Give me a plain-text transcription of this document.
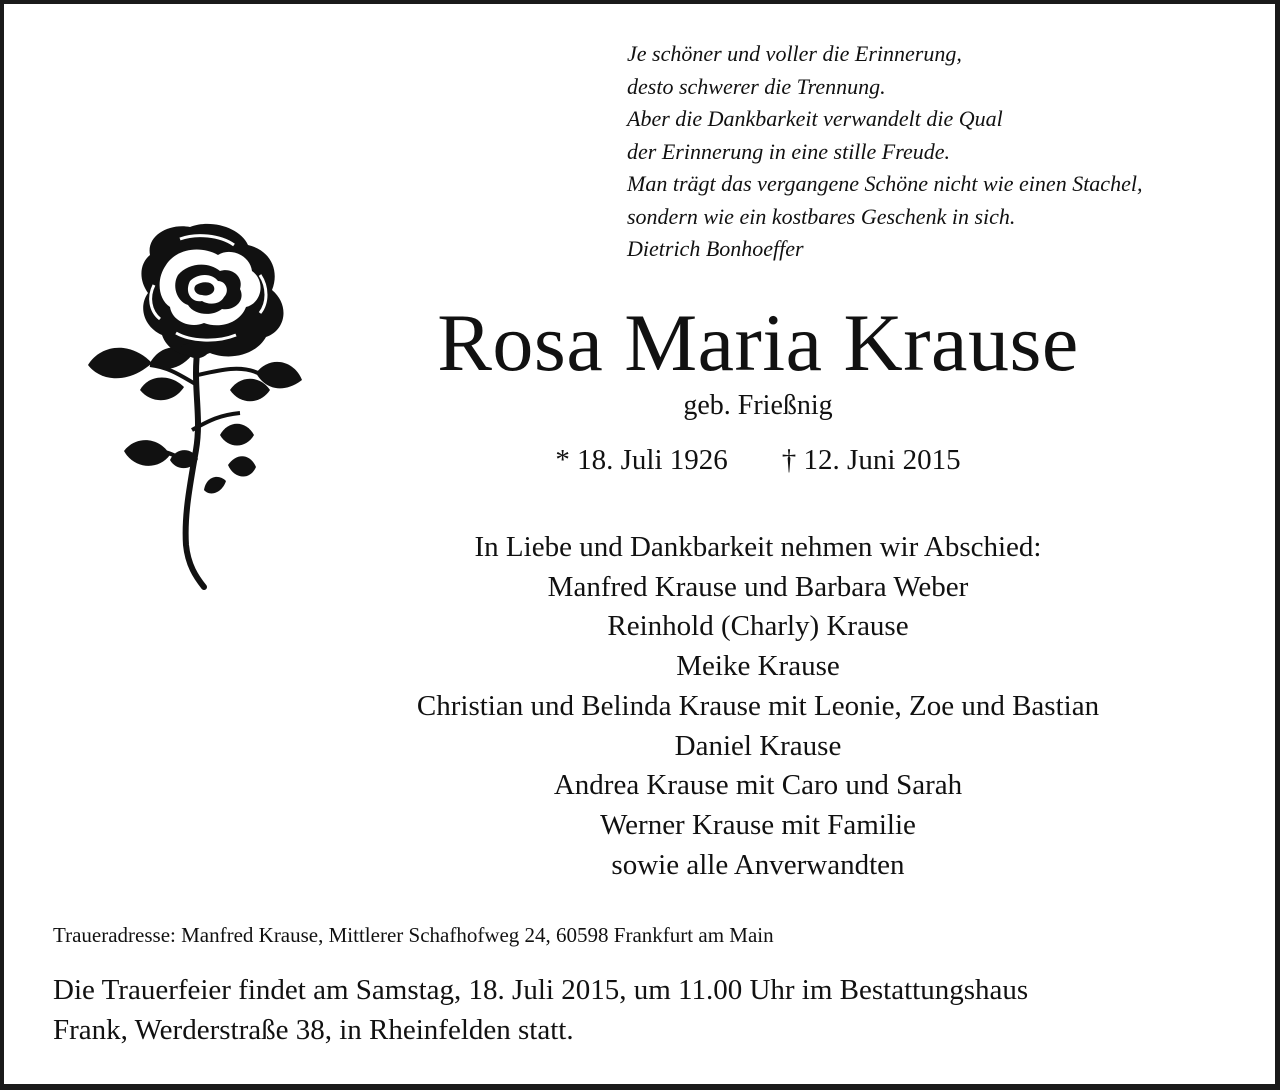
Je schöner und voller die Erinnerung,
desto schwerer die Trennung.
Aber die Dankbarkeit verwandelt die Qual
der Erinnerung in eine stille Freude.
Man trägt das vergangene Schöne nicht wie einen Stachel,
sondern wie ein kostbares Geschenk in sich.
Dietrich Bonhoeffer
Rosa Maria Krause
geb. Frießnig
* 18. Juli 1926 † 12. Juni 2015
In Liebe und Dankbarkeit nehmen wir Abschied:
Manfred Krause und Barbara Weber
Reinhold (Charly) Krause
Meike Krause
Christian und Belinda Krause mit Leonie, Zoe und Bastian
Daniel Krause
Andrea Krause mit Caro und Sarah
Werner Krause mit Familie
sowie alle Anverwandten
Traueradresse: Manfred Krause, Mittlerer Schafhofweg 24, 60598 Frankfurt am Main
Die Trauerfeier findet am Samstag, 18. Juli 2015, um 11.00 Uhr im Bestattungshaus
Frank, Werderstraße 38, in Rheinfelden statt.
